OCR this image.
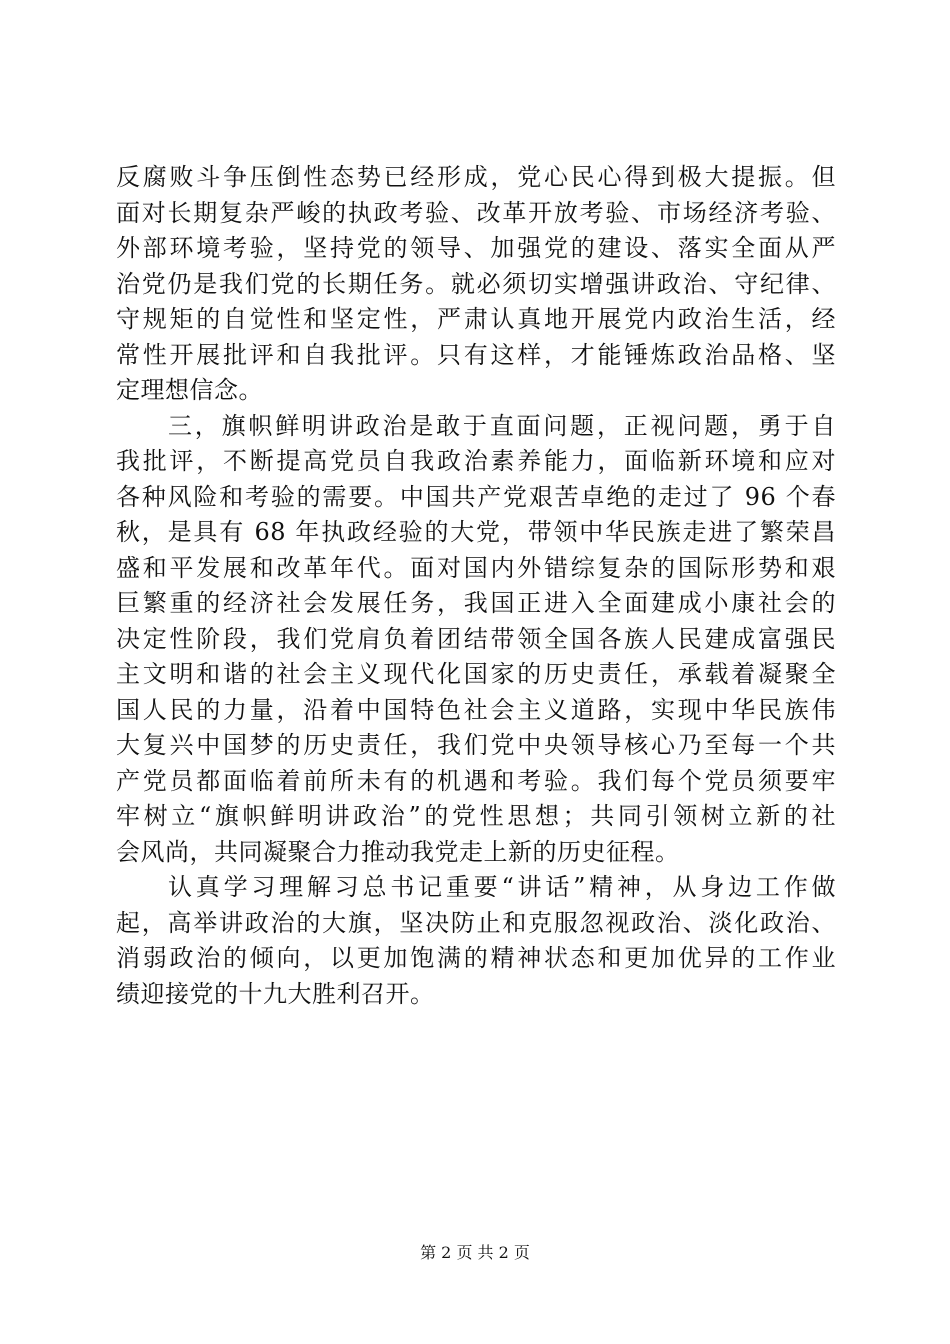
反腐败斗争压倒性态势已经形成，党心民心得到极大提振。但
面对长期复杂严峻的执政考验、改革开放考验、市场经济考验、
外部环境考验，坚持党的领导、加强党的建设、落实全面从严
治党仍是我们党的长期任务。就必须切实增强讲政治、守纪律、
守规矩的自觉性和坚定性，严肃认真地开展党内政治生活，经
常性开展批评和自我批评。只有这样，才能锤炼政治品格、坚
定理想信念。
三，旗帜鲜明讲政治是敢于直面问题，正视问题，勇于自
我批评，不断提高党员自我政治素养能力，面临新环境和应对
各种风险和考验的需要。中国共产党艰苦卓绝的走过了 96 个春
秋，是具有 68 年执政经验的大党，带领中华民族走进了繁荣昌
盛和平发展和改革年代。面对国内外错综复杂的国际形势和艰
巨繁重的经济社会发展任务，我国正进入全面建成小康社会的
决定性阶段，我们党肩负着团结带领全国各族人民建成富强民
主文明和谐的社会主义现代化国家的历史责任，承载着凝聚全
国人民的力量，沿着中国特色社会主义道路，实现中华民族伟
大复兴中国梦的历史责任，我们党中央领导核心乃至每一个共
产党员都面临着前所未有的机遇和考验。我们每个党员须要牢
牢树立“旗帜鲜明讲政治”的党性思想；共同引领树立新的社
会风尚，共同凝聚合力推动我党走上新的历史征程。
认真学习理解习总书记重要“讲话”精神，从身边工作做
起，高举讲政治的大旗，坚决防止和克服忽视政治、淡化政治、
消弱政治的倾向，以更加饱满的精神状态和更加优异的工作业
绩迎接党的十九大胜利召开。
第 2 页 共 2 页
